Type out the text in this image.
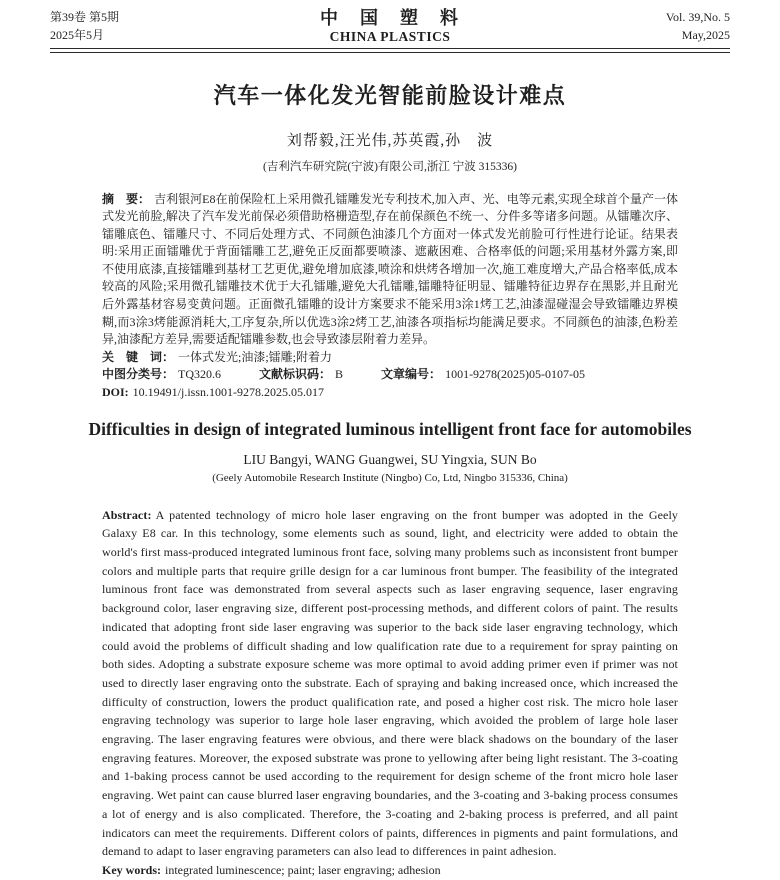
第39卷 第5期
2025年5月
中　国　塑　料
CHINA PLASTICS
Vol. 39,No. 5
May,2025
汽车一体化发光智能前脸设计难点
刘帮毅,汪光伟,苏英霞,孙　波
(吉利汽车研究院(宁波)有限公司,浙江 宁波 315336)

摘　要： 吉利银河E8在前保险杠上采用微孔镭雕发光专利技术,加入声、光、电等元素,实现全球首个量产一体式发光前脸,解决了汽车发光前保必须借助格栅造型,存在前保颜色不统一、分件多等诸多问题。从镭雕次序、镭雕底色、镭雕尺寸、不同后处理方式、不同颜色油漆几个方面对一体式发光前脸可行性进行论证。结果表明:采用正面镭雕优于背面镭雕工艺,避免正反面都要喷漆、遮蔽困难、合格率低的问题;采用基材外露方案,即不使用底漆,直接镭雕到基材工艺更优,避免增加底漆,喷涂和烘烤各增加一次,施工难度增大,产品合格率低,成本较高的风险;采用微孔镭雕技术优于大孔镭雕,避免大孔镭雕,镭雕特征明显、镭雕特征边界存在黑影,并且耐光后外露基材容易变黄问题。正面微孔镭雕的设计方案要求不能采用3涂1烤工艺,油漆湿碰湿会导致镭雕边界模糊,而3涂3烤能源消耗大,工序复杂,所以优选3涂2烤工艺,油漆各项指标均能满足要求。不同颜色的油漆,色粉差异,油漆配方差异,需要适配镭雕参数,也会导致漆层附着力差异。

关　键　词： 一体式发光;油漆;镭雕;附着力

中图分类号： TQ320.6	文献标识码： B	文章编号： 1001-9278(2025)05-0107-05

DOI: 10.19491/j.issn.1001-9278.2025.05.017

Difficulties in design of integrated luminous intelligent front face for automobiles
LIU Bangyi, WANG Guangwei, SU Yingxia, SUN Bo
(Geely Automobile Research Institute (Ningbo) Co, Ltd, Ningbo 315336, China)

Abstract: A patented technology of micro hole laser engraving on the front bumper was adopted in the Geely Galaxy E8 car. In this technology, some elements such as sound, light, and electricity were added to obtain the world's first mass-produced integrated luminous front face, solving many problems such as inconsistent front bumper colors and multiple parts that require grille design for a car luminous front bumper. The feasibility of the integrated luminous front face was demonstrated from several aspects such as laser engraving sequence, laser engraving background color, laser engraving size, different post-processing methods, and different colors of paint. The results indicated that adopting front side laser engraving was superior to the back side laser engraving technology, which could avoid the problems of difficult shading and low qualification rate due to a requirement for spray painting on both sides. Adopting a substrate exposure scheme was more optimal to avoid adding primer even if primer was not used to directly laser engraving onto the substrate. Each of spraying and baking increased once, which increased the difficulty of construction, lowers the product qualification rate, and posed a higher cost risk. The micro hole laser engraving technology was superior to large hole laser engraving, which avoided the problem of large hole laser engraving. The laser engraving features were obvious, and there were black shadows on the boundary of the laser engraving features. Moreover, the exposed substrate was prone to yellowing after being light resistant. The 3-coating and 1-baking process cannot be used according to the requirement for design scheme of the front micro hole laser engraving. Wet paint can cause blurred laser engraving boundaries, and the 3-coating and 3-baking process consumes a lot of energy and is also complicated. Therefore, the 3-coating and 2-baking process is preferred, and all paint indicators can meet the requirements. Different colors of paints, differences in pigments and paint formulations, and demand to adapt to laser engraving parameters can also lead to differences in paint adhesion.

Key words: integrated luminescence; paint; laser engraving; adhesion
